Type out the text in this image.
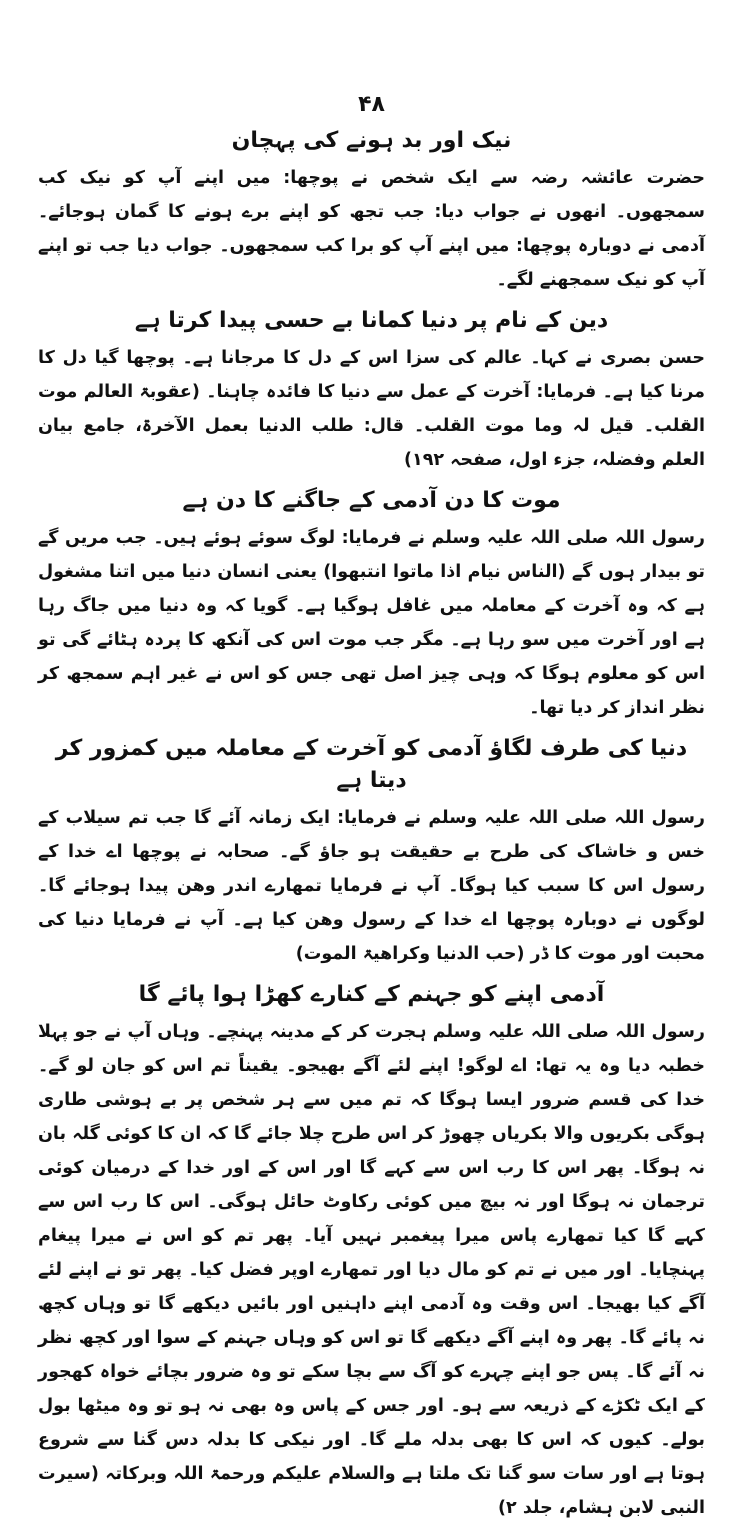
۴۸
نیک اور بد ہونے کی پہچان

حضرت عائشہ رضہ سے ایک شخص نے پوچھا: میں اپنے آپ کو نیک کب سمجھوں۔ انھوں نے جواب دیا: جب تجھ کو اپنے برے ہونے کا گمان ہوجائے۔ آدمی نے دوبارہ پوچھا: میں اپنے آپ کو برا کب سمجھوں۔ جواب دیا جب تو اپنے آپ کو نیک سمجھنے لگے۔

دین کے نام پر دنیا کمانا بے حسی پیدا کرتا ہے

حسن بصری نے کہا۔ عالم کی سزا اس کے دل کا مرجانا ہے۔ پوچھا گیا دل کا مرنا کیا ہے۔ فرمایا: آخرت کے عمل سے دنیا کا فائدہ چاہنا۔ (عقوبۃ العالم موت القلب۔ قیل لہ وما موت القلب۔ قال: طلب الدنیا بعمل الآخرۃ، جامع بیان العلم وفضلہ، جزء اول، صفحہ ۱۹۲)

موت کا دن آدمی کے جاگنے کا دن ہے

رسول اللہ صلی اللہ علیہ وسلم نے فرمایا: لوگ سوئے ہوئے ہیں۔ جب مریں گے تو بیدار ہوں گے (الناس نیام اذا ماتوا انتبھوا) یعنی انسان دنیا میں اتنا مشغول ہے کہ وہ آخرت کے معاملہ میں غافل ہوگیا ہے۔ گویا کہ وہ دنیا میں جاگ رہا ہے اور آخرت میں سو رہا ہے۔ مگر جب موت اس کی آنکھ کا پردہ ہٹائے گی تو اس کو معلوم ہوگا کہ وہی چیز اصل تھی جس کو اس نے غیر اہم سمجھ کر نظر انداز کر دیا تھا۔

دنیا کی طرف لگاؤ آدمی کو آخرت کے معاملہ میں کمزور کر دیتا ہے

رسول اللہ صلی اللہ علیہ وسلم نے فرمایا: ایک زمانہ آئے گا جب تم سیلاب کے خس و خاشاک کی طرح بے حقیقت ہو جاؤ گے۔ صحابہ نے پوچھا اے خدا کے رسول اس کا سبب کیا ہوگا۔ آپ نے فرمایا تمھارے اندر وھن پیدا ہوجائے گا۔ لوگوں نے دوبارہ پوچھا اے خدا کے رسول وھن کیا ہے۔ آپ نے فرمایا دنیا کی محبت اور موت کا ڈر (حب الدنیا وکراھیۃ الموت)

آدمی اپنے کو جہنم کے کنارے کھڑا ہوا پائے گا

رسول اللہ صلی اللہ علیہ وسلم ہجرت کر کے مدینہ پہنچے۔ وہاں آپ نے جو پہلا خطبہ دیا وہ یہ تھا: اے لوگو! اپنے لئے آگے بھیجو۔ یقیناً تم اس کو جان لو گے۔ خدا کی قسم ضرور ایسا ہوگا کہ تم میں سے ہر شخص پر بے ہوشی طاری ہوگی بکریوں والا بکریاں چھوڑ کر اس طرح چلا جائے گا کہ ان کا کوئی گلہ بان نہ ہوگا۔ پھر اس کا رب اس سے کہے گا اور اس کے اور خدا کے درمیان کوئی ترجمان نہ ہوگا اور نہ بیچ میں کوئی رکاوٹ حائل ہوگی۔ اس کا رب اس سے کہے گا کیا تمھارے پاس میرا پیغمبر نہیں آیا۔ پھر تم کو اس نے میرا پیغام پہنچایا۔ اور میں نے تم کو مال دیا اور تمھارے اوپر فضل کیا۔ پھر تو نے اپنے لئے آگے کیا بھیجا۔ اس وقت وہ آدمی اپنے داہنیں اور بائیں دیکھے گا تو وہاں کچھ نہ پائے گا۔ پھر وہ اپنے آگے دیکھے گا تو اس کو وہاں جہنم کے سوا اور کچھ نظر نہ آئے گا۔ پس جو اپنے چہرے کو آگ سے بچا سکے تو وہ ضرور بچائے خواہ کھجور کے ایک ٹکڑے کے ذریعہ سے ہو۔ اور جس کے پاس وہ بھی نہ ہو تو وہ میٹھا بول بولے۔ کیوں کہ اس کا بھی بدلہ ملے گا۔ اور نیکی کا بدلہ دس گنا سے شروع ہوتا ہے اور سات سو گنا تک ملتا ہے والسلام علیکم ورحمۃ اللہ وبرکاتہ (سیرت النبی لابن ہشام، جلد ۲)
